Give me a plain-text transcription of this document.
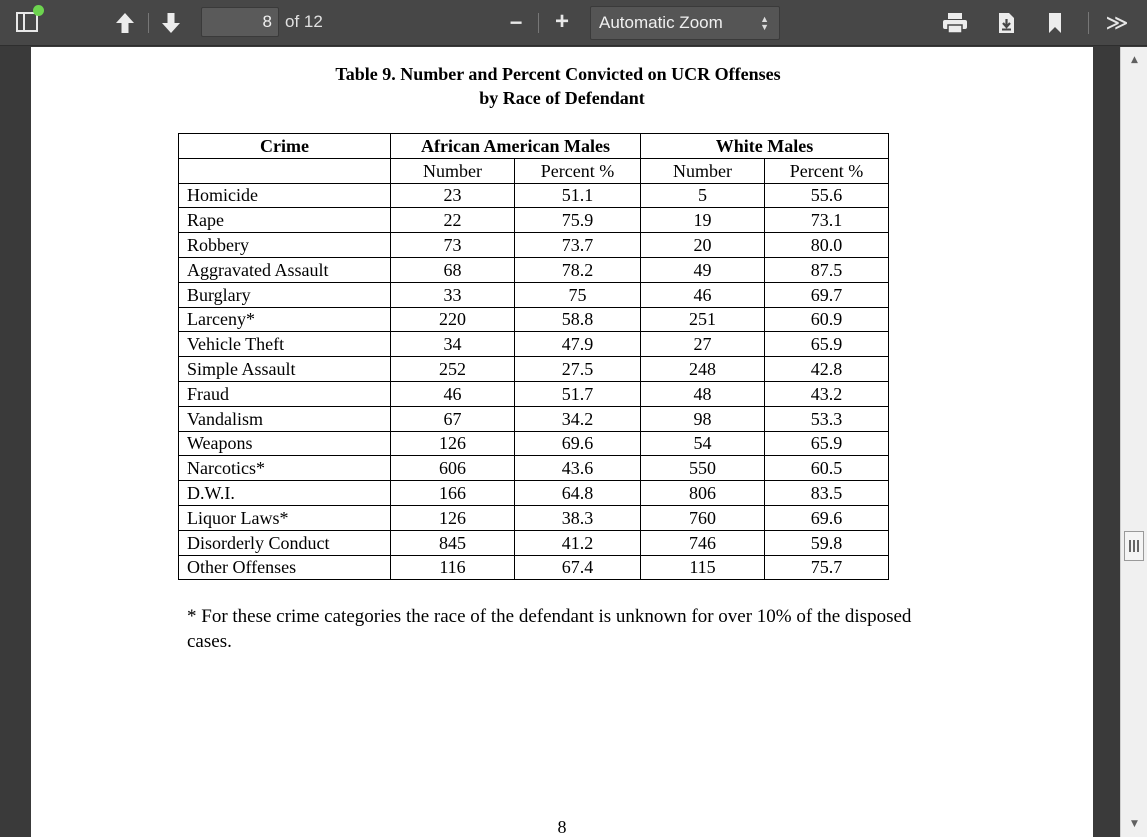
8
of 12	− + Automatic Zoom	▲
▼	≫
Table 9. Number and Percent Convicted on UCR Offenses
by Race of Defendant
Crime	African American Males		White Males	
	Number	Percent %	Number	Percent %
Homicide	23	51.1	5	55.6
Rape	22	75.9	19	73.1
Robbery	73	73.7	20	80.0
Aggravated Assault	68	78.2	49	87.5
Burglary	33	75	46	69.7
Larceny*	220	58.8	251	60.9
Vehicle Theft	34	47.9	27	65.9
Simple Assault	252	27.5	248	42.8
Fraud	46	51.7	48	43.2
Vandalism	67	34.2	98	53.3
Weapons	126	69.6	54	65.9
Narcotics*	606	43.6	550	60.5
D.W.I.	166	64.8	806	83.5
Liquor Laws*	126	38.3	760	69.6
Disorderly Conduct	845	41.2	746	59.8
Other Offenses	116	67.4	115	75.7
* For these crime categories the race of the defendant is unknown for over 10% of the disposed cases.
8
▲
▼
